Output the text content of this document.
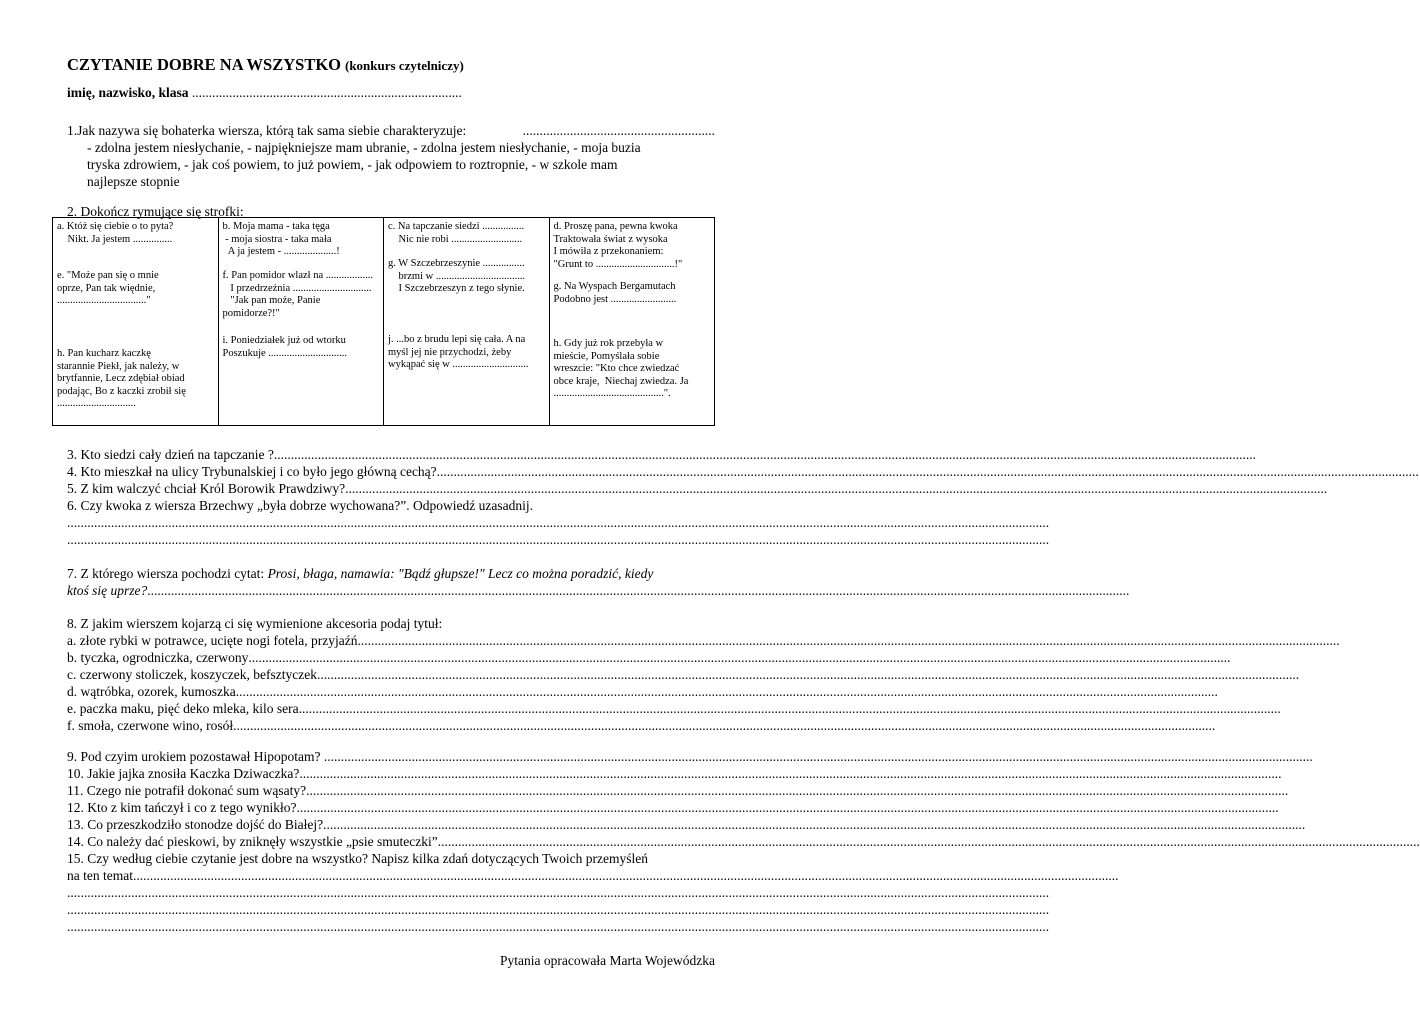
CZYTANIE DOBRE NA WSZYSTKO (konkurs czytelniczy)
imię, nazwisko, klasa ................................................................................
1.Jak nazywa się bohaterka wiersza, którą tak sama siebie charakteryzuje:	.........................................................
- zdolna jestem niesłychanie, - najpiękniejsze mam ubranie, - zdolna jestem niesłychanie, - moja buzia
tryska zdrowiem, - jak coś powiem, to już powiem, - jak odpowiem to roztropnie, - w szkole mam
najlepsze stopnie
2. Dokończ rymujące się strofki:
a. Któż się ciebie o to pyta?
Nikt. Ja jestem ...............
e. "Może pan się o mnie
oprze, Pan tak więdnie,
.................................."
h. Pan kucharz kaczkę
starannie Piekł, jak należy, w
brytfannie, Lecz zdębiał obiad
podając, Bo z kaczki zrobił się
..............................
b. Moja mama - taka tęga
- moja siostra - taka mała
A ja jestem - ....................!
f. Pan pomidor wlazł na ..................
I przedrzeźnia ..............................
"Jak pan może, Panie pomidorze?!"
i. Poniedziałek już od wtorku
Poszukuje ..............................
c. Na tapczanie siedzi ................
Nic nie robi ...........................
g. W Szczebrzeszynie ................
brzmi w ..................................
I Szczebrzeszyn z tego słynie.
j. ...bo z brudu lepi się cała. A na
myśl jej nie przychodzi, żeby
wykąpać się w .............................
d. Proszę pana, pewna kwoka
Traktowała świat z wysoka
I mówiła z przekonaniem:
"Grunt to ..............................!"
g. Na Wyspach Bergamutach
Podobno jest .........................
h. Gdy już rok przebyła w
mieście, Pomyślała sobie
wreszcie: "Kto chce zwiedzać
obce kraje,  Niechaj zwiedza. Ja
..........................................".
3. Kto siedzi cały dzień na tapczanie ? ...................................................................................................................................................................................................................................................................................................
4. Kto mieszkał na ulicy Trybunalskiej i co było jego główną cechą? ...................................................................................................................................................................................................................................................................................................
5. Z kim walczyć chciał Król Borowik Prawdziwy? ...................................................................................................................................................................................................................................................................................................
6. Czy kwoka z wiersza Brzechwy „była dobrze wychowana?”. Odpowiedź uzasadnij.
...................................................................................................................................................................................................................................................................................................
...................................................................................................................................................................................................................................................................................................
7. Z którego wiersza pochodzi cytat: Prosi, błaga, namawia: "Bądź głupsze!" Lecz co można poradzić, kiedy
ktoś się uprze? ...................................................................................................................................................................................................................................................................................................
8. Z jakim wierszem kojarzą ci się wymienione akcesoria podaj tytuł:
a. złote rybki w potrawce, ucięte nogi fotela, przyjaźń ...................................................................................................................................................................................................................................................................................................
b. tyczka, ogrodniczka, czerwony ...................................................................................................................................................................................................................................................................................................
c. czerwony stoliczek, koszyczek, befsztyczek ...................................................................................................................................................................................................................................................................................................
d. wątróbka, ozorek, kumoszka ...................................................................................................................................................................................................................................................................................................
e. paczka maku, pięć deko mleka, kilo sera ...................................................................................................................................................................................................................................................................................................
f. smoła, czerwone wino, rosół ...................................................................................................................................................................................................................................................................................................
9. Pod czyim urokiem pozostawał Hipopotam? .. ...................................................................................................................................................................................................................................................................................................
10. Jakie jajka znosiła Kaczka Dziwaczka? ...................................................................................................................................................................................................................................................................................................
11. Czego nie potrafił dokonać sum wąsaty? ...................................................................................................................................................................................................................................................................................................
12. Kto z kim tańczył i co z tego wynikło? ...................................................................................................................................................................................................................................................................................................
13. Co przeszkodziło stonodze dojść do Białej? ...................................................................................................................................................................................................................................................................................................
14. Co należy dać pieskowi, by zniknęły wszystkie „psie smuteczki” ...................................................................................................................................................................................................................................................................................................
15. Czy według ciebie czytanie jest dobre na wszystko? Napisz kilka zdań dotyczących Twoich przemyśleń
na ten temat. ...................................................................................................................................................................................................................................................................................................
...................................................................................................................................................................................................................................................................................................
...................................................................................................................................................................................................................................................................................................
...................................................................................................................................................................................................................................................................................................
Pytania opracowała Marta Wojewódzka
